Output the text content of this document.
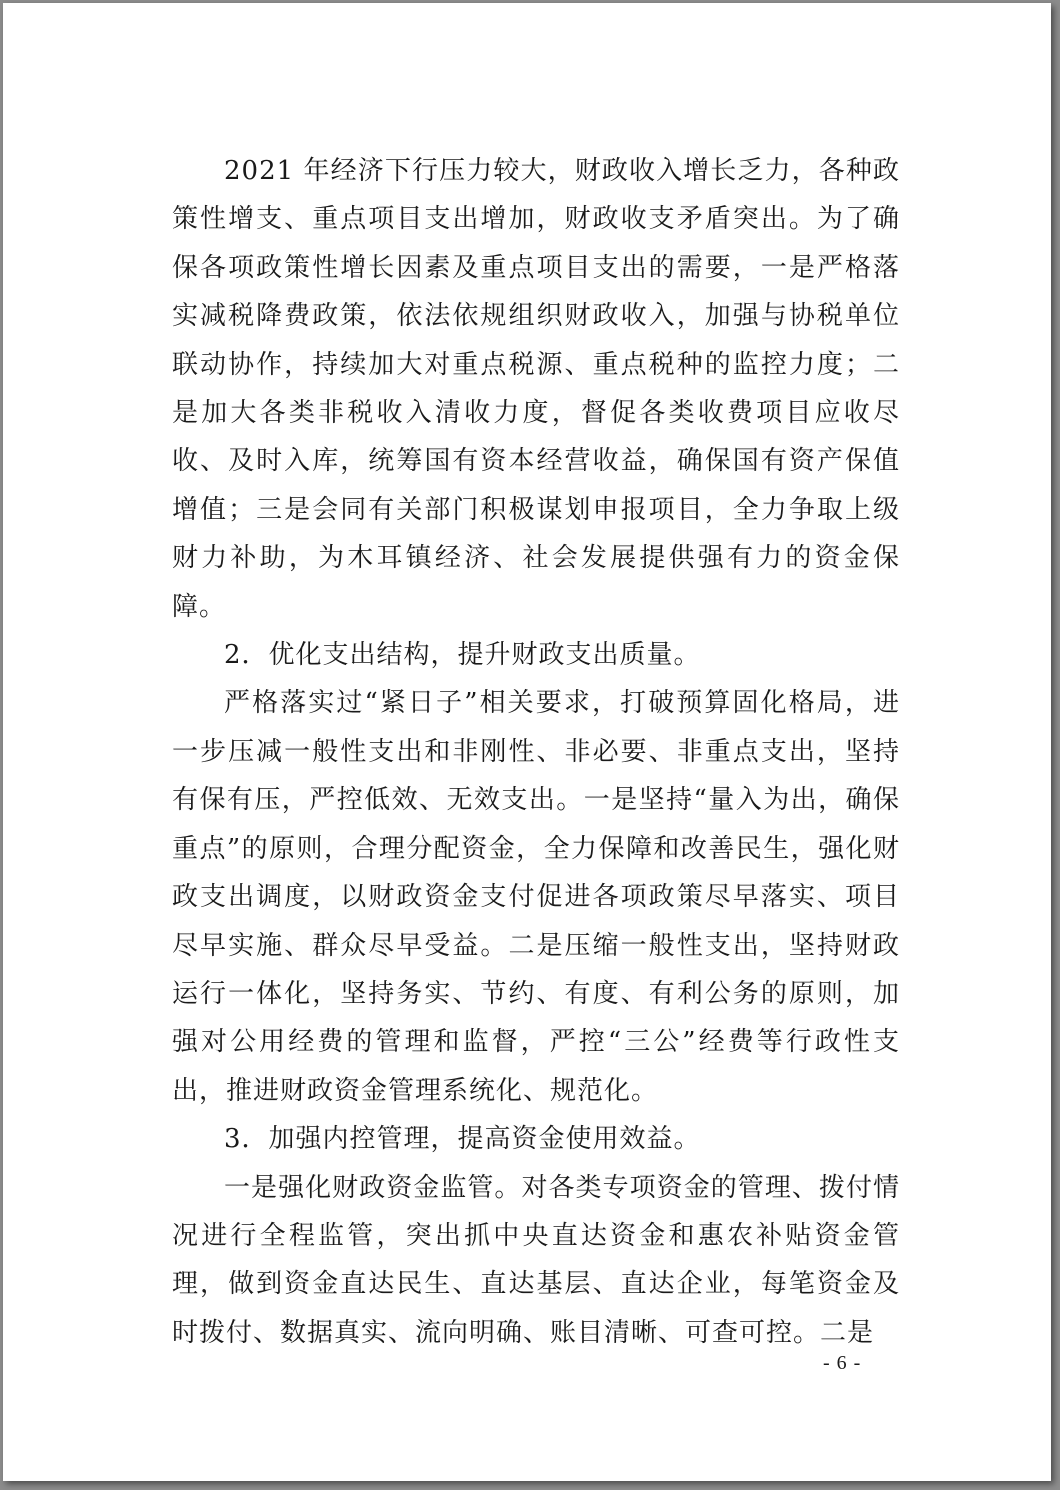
2021 年经济下行压力较大，财政收入增长乏力，各种政策性增支、重点项目支出增加，财政收支矛盾突出。为了确保各项政策性增长因素及重点项目支出的需要，一是严格落实减税降费政策，依法依规组织财政收入，加强与协税单位联动协作，持续加大对重点税源、重点税种的监控力度；二是加大各类非税收入清收力度，督促各类收费项目应收尽收、及时入库，统筹国有资本经营收益，确保国有资产保值增值；三是会同有关部门积极谋划申报项目，全力争取上级财力补助，为木耳镇经济、社会发展提供强有力的资金保障。

2．优化支出结构，提升财政支出质量。

严格落实过“紧日子”相关要求，打破预算固化格局，进一步压减一般性支出和非刚性、非必要、非重点支出，坚持有保有压，严控低效、无效支出。一是坚持“量入为出，确保重点”的原则，合理分配资金，全力保障和改善民生，强化财政支出调度，以财政资金支付促进各项政策尽早落实、项目尽早实施、群众尽早受益。二是压缩一般性支出，坚持财政运行一体化，坚持务实、节约、有度、有利公务的原则，加强对公用经费的管理和监督，严控“三公”经费等行政性支出，推进财政资金管理系统化、规范化。

3．加强内控管理，提高资金使用效益。

一是强化财政资金监管。对各类专项资金的管理、拨付情况进行全程监管，突出抓中央直达资金和惠农补贴资金管理，做到资金直达民生、直达基层、直达企业，每笔资金及时拨付、数据真实、流向明确、账目清晰、可查可控。二是

- 6 -
